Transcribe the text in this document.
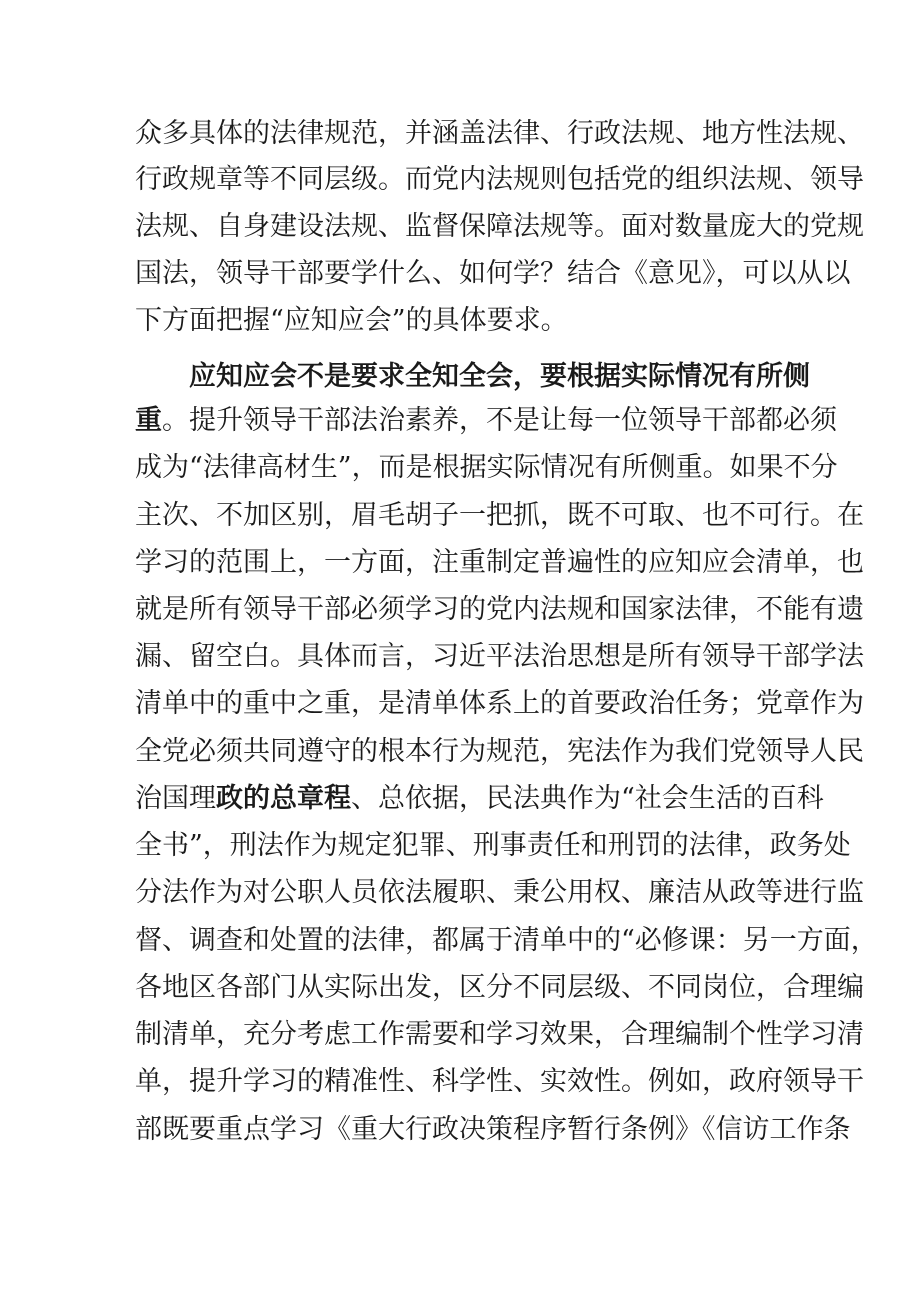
众多具体的法律规范，并涵盖法律、行政法规、地方性法规、
行政规章等不同层级。而党内法规则包括党的组织法规、领导
法规、自身建设法规、监督保障法规等。面对数量庞大的党规
国法，领导干部要学什么、如何学？结合《意见》，可以从以
下方面把握“应知应会”的具体要求。
应知应会不是要求全知全会，要根据实际情况有所侧
重。提升领导干部法治素养，不是让每一位领导干部都必须
成为“法律高材生”，而是根据实际情况有所侧重。如果不分
主次、不加区别，眉毛胡子一把抓，既不可取、也不可行。在
学习的范围上，一方面，注重制定普遍性的应知应会清单，也
就是所有领导干部必须学习的党内法规和国家法律，不能有遗
漏、留空白。具体而言，习近平法治思想是所有领导干部学法
清单中的重中之重，是清单体系上的首要政治任务；党章作为
全党必须共同遵守的根本行为规范，宪法作为我们党领导人民
治国理政的总章程、总依据，民法典作为“社会生活的百科
全书”，刑法作为规定犯罪、刑事责任和刑罚的法律，政务处
分法作为对公职人员依法履职、秉公用权、廉洁从政等进行监
督、调查和处置的法律，都属于清单中的“必修课：另一方面，
各地区各部门从实际出发，区分不同层级、不同岗位，合理编
制清单，充分考虑工作需要和学习效果，合理编制个性学习清
单，提升学习的精准性、科学性、实效性。例如，政府领导干
部既要重点学习《重大行政决策程序暂行条例》《信访工作条
